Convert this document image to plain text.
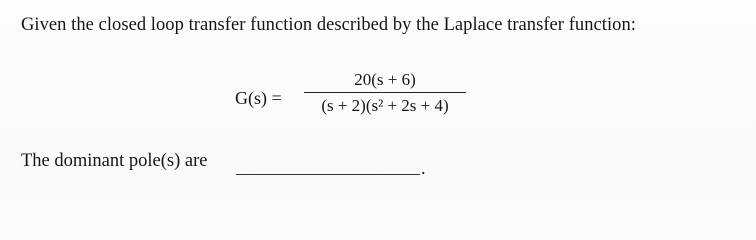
Given the closed loop transfer function described by the Laplace transfer function:
G(s) =
20(s + 6)
(s + 2)(s² + 2s + 4)
The dominant pole(s) are	.
